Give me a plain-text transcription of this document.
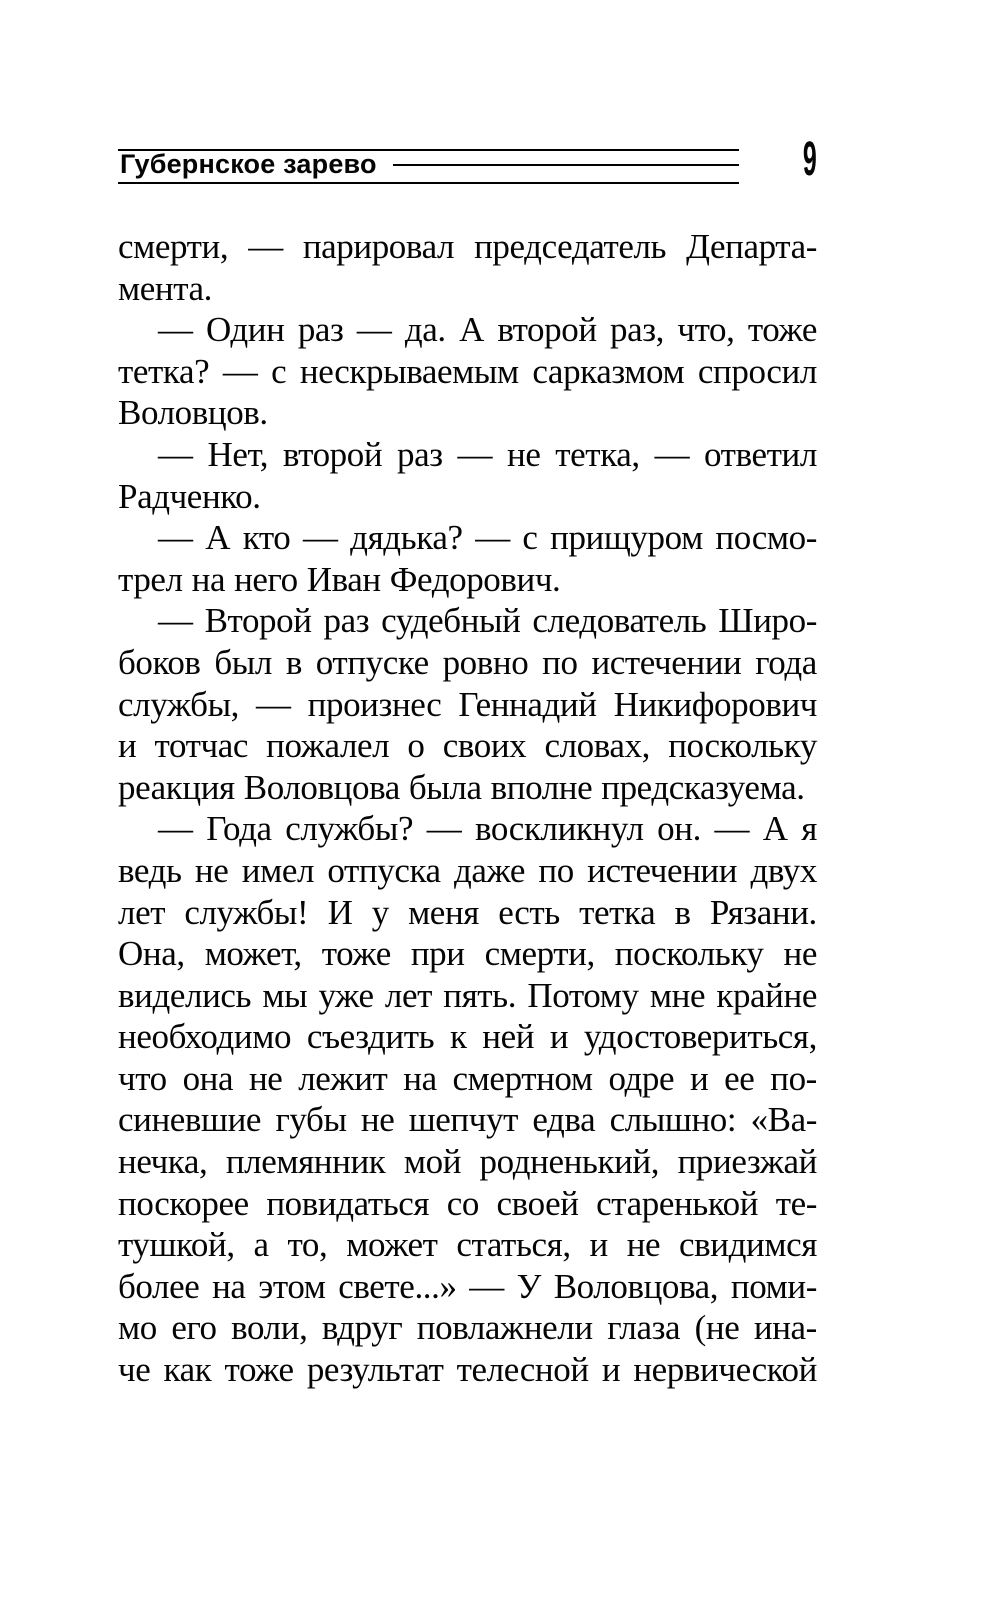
Губернское зарево	9
смерти, — парировал председатель Департа-
мента.
— Один раз — да. А второй раз, что, тоже
тетка? — с нескрываемым сарказмом спросил
Воловцов.
— Нет, второй раз — не тетка, — ответил
Радченко.
— А кто — дядька? — с прищуром посмо-
трел на него Иван Федорович.
— Второй раз судебный следователь Широ-
боков был в отпуске ровно по истечении года
службы, — произнес Геннадий Никифорович
и тотчас пожалел о своих словах, поскольку
реакция Воловцова была вполне предсказуема.
— Года службы? — воскликнул он. — А я
ведь не имел отпуска даже по истечении двух
лет службы! И у меня есть тетка в Рязани.
Она, может, тоже при смерти, поскольку не
виделись мы уже лет пять. Потому мне крайне
необходимо съездить к ней и удостовериться,
что она не лежит на смертном одре и ее по-
синевшие губы не шепчут едва слышно: «Ва-
нечка, племянник мой родненький, приезжай
поскорее повидаться со своей старенькой те-
тушкой, а то, может статься, и не свидимся
более на этом свете...» — У Воловцова, поми-
мо его воли, вдруг повлажнели глаза (не ина-
че как тоже результат телесной и нервической
